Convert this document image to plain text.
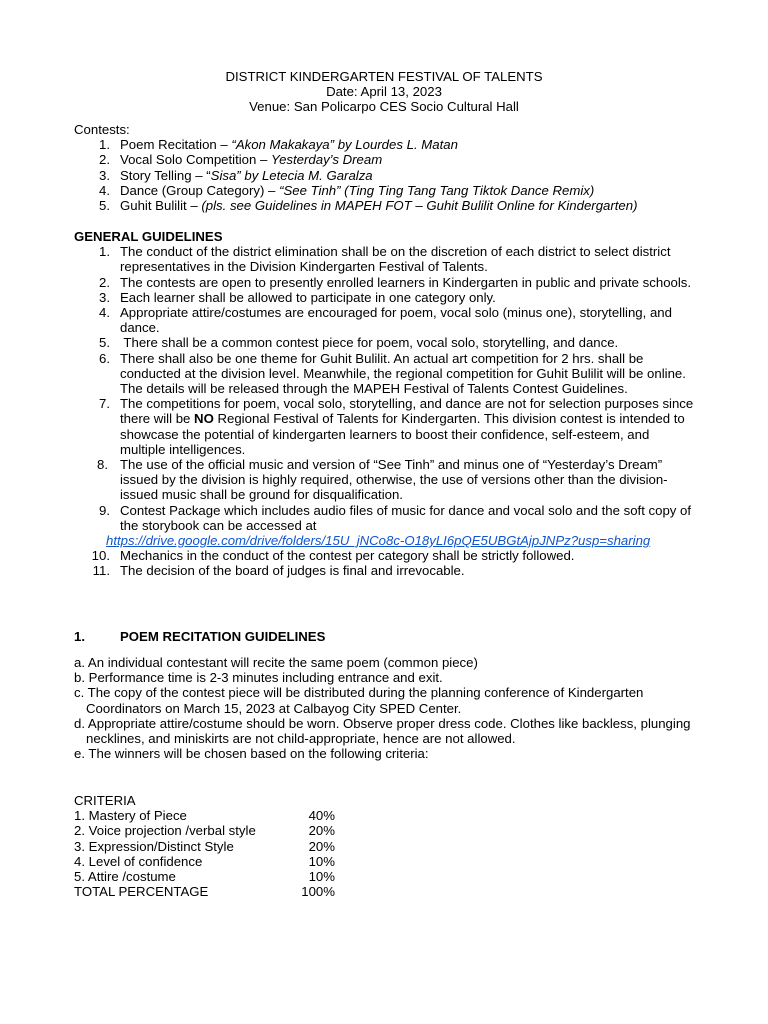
DISTRICT KINDERGARTEN FESTIVAL OF TALENTS
Date: April 13, 2023
Venue: San Policarpo CES Socio Cultural Hall
Contests:
1. Poem Recitation – “Akon Makakaya” by Lourdes L. Matan
2. Vocal Solo Competition – Yesterday’s Dream
3. Story Telling – “Sisa” by Letecia M. Garalza
4. Dance (Group Category) – “See Tinh” (Ting Ting Tang Tang Tiktok Dance Remix)
5. Guhit Bulilit – (pls. see Guidelines in MAPEH FOT – Guhit Bulilit Online for Kindergarten)
GENERAL GUIDELINES
1. The conduct of the district elimination shall be on the discretion of each district to select district representatives in the Division Kindergarten Festival of Talents.
2. The contests are open to presently enrolled learners in Kindergarten in public and private schools.
3. Each learner shall be allowed to participate in one category only.
4. Appropriate attire/costumes are encouraged for poem, vocal solo (minus one), storytelling, and dance.
5. There shall be a common contest piece for poem, vocal solo, storytelling, and dance.
6. There shall also be one theme for Guhit Bulilit. An actual art competition for 2 hrs. shall be conducted at the division level. Meanwhile, the regional competition for Guhit Bulilit will be online. The details will be released through the MAPEH Festival of Talents Contest Guidelines.
7. The competitions for poem, vocal solo, storytelling, and dance are not for selection purposes since there will be NO Regional Festival of Talents for Kindergarten. This division contest is intended to showcase the potential of kindergarten learners to boost their confidence, self-esteem, and multiple intelligences.
8. The use of the official music and version of “See Tinh” and minus one of “Yesterday’s Dream” issued by the division is highly required, otherwise, the use of versions other than the division-issued music shall be ground for disqualification.
9. Contest Package which includes audio files of music for dance and vocal solo and the soft copy of the storybook can be accessed at
https://drive.google.com/drive/folders/15U_jNCo8c-O18yLI6pQE5UBGtAjpJNPz?usp=sharing
10. Mechanics in the conduct of the contest per category shall be strictly followed.
11. The decision of the board of judges is final and irrevocable.
1.	POEM RECITATION GUIDELINES
a. An individual contestant will recite the same poem (common piece)
b. Performance time is 2-3 minutes including entrance and exit.
c. The copy of the contest piece will be distributed during the planning conference of Kindergarten Coordinators on March 15, 2023 at Calbayog City SPED Center.
d. Appropriate attire/costume should be worn. Observe proper dress code. Clothes like backless, plunging necklines, and miniskirts are not child-appropriate, hence are not allowed.
e. The winners will be chosen based on the following criteria:
CRITERIA
1. Mastery of Piece	40%
2. Voice projection /verbal style	20%
3. Expression/Distinct Style	20%
4. Level of confidence	10%
5. Attire /costume	10%
TOTAL PERCENTAGE	100%
